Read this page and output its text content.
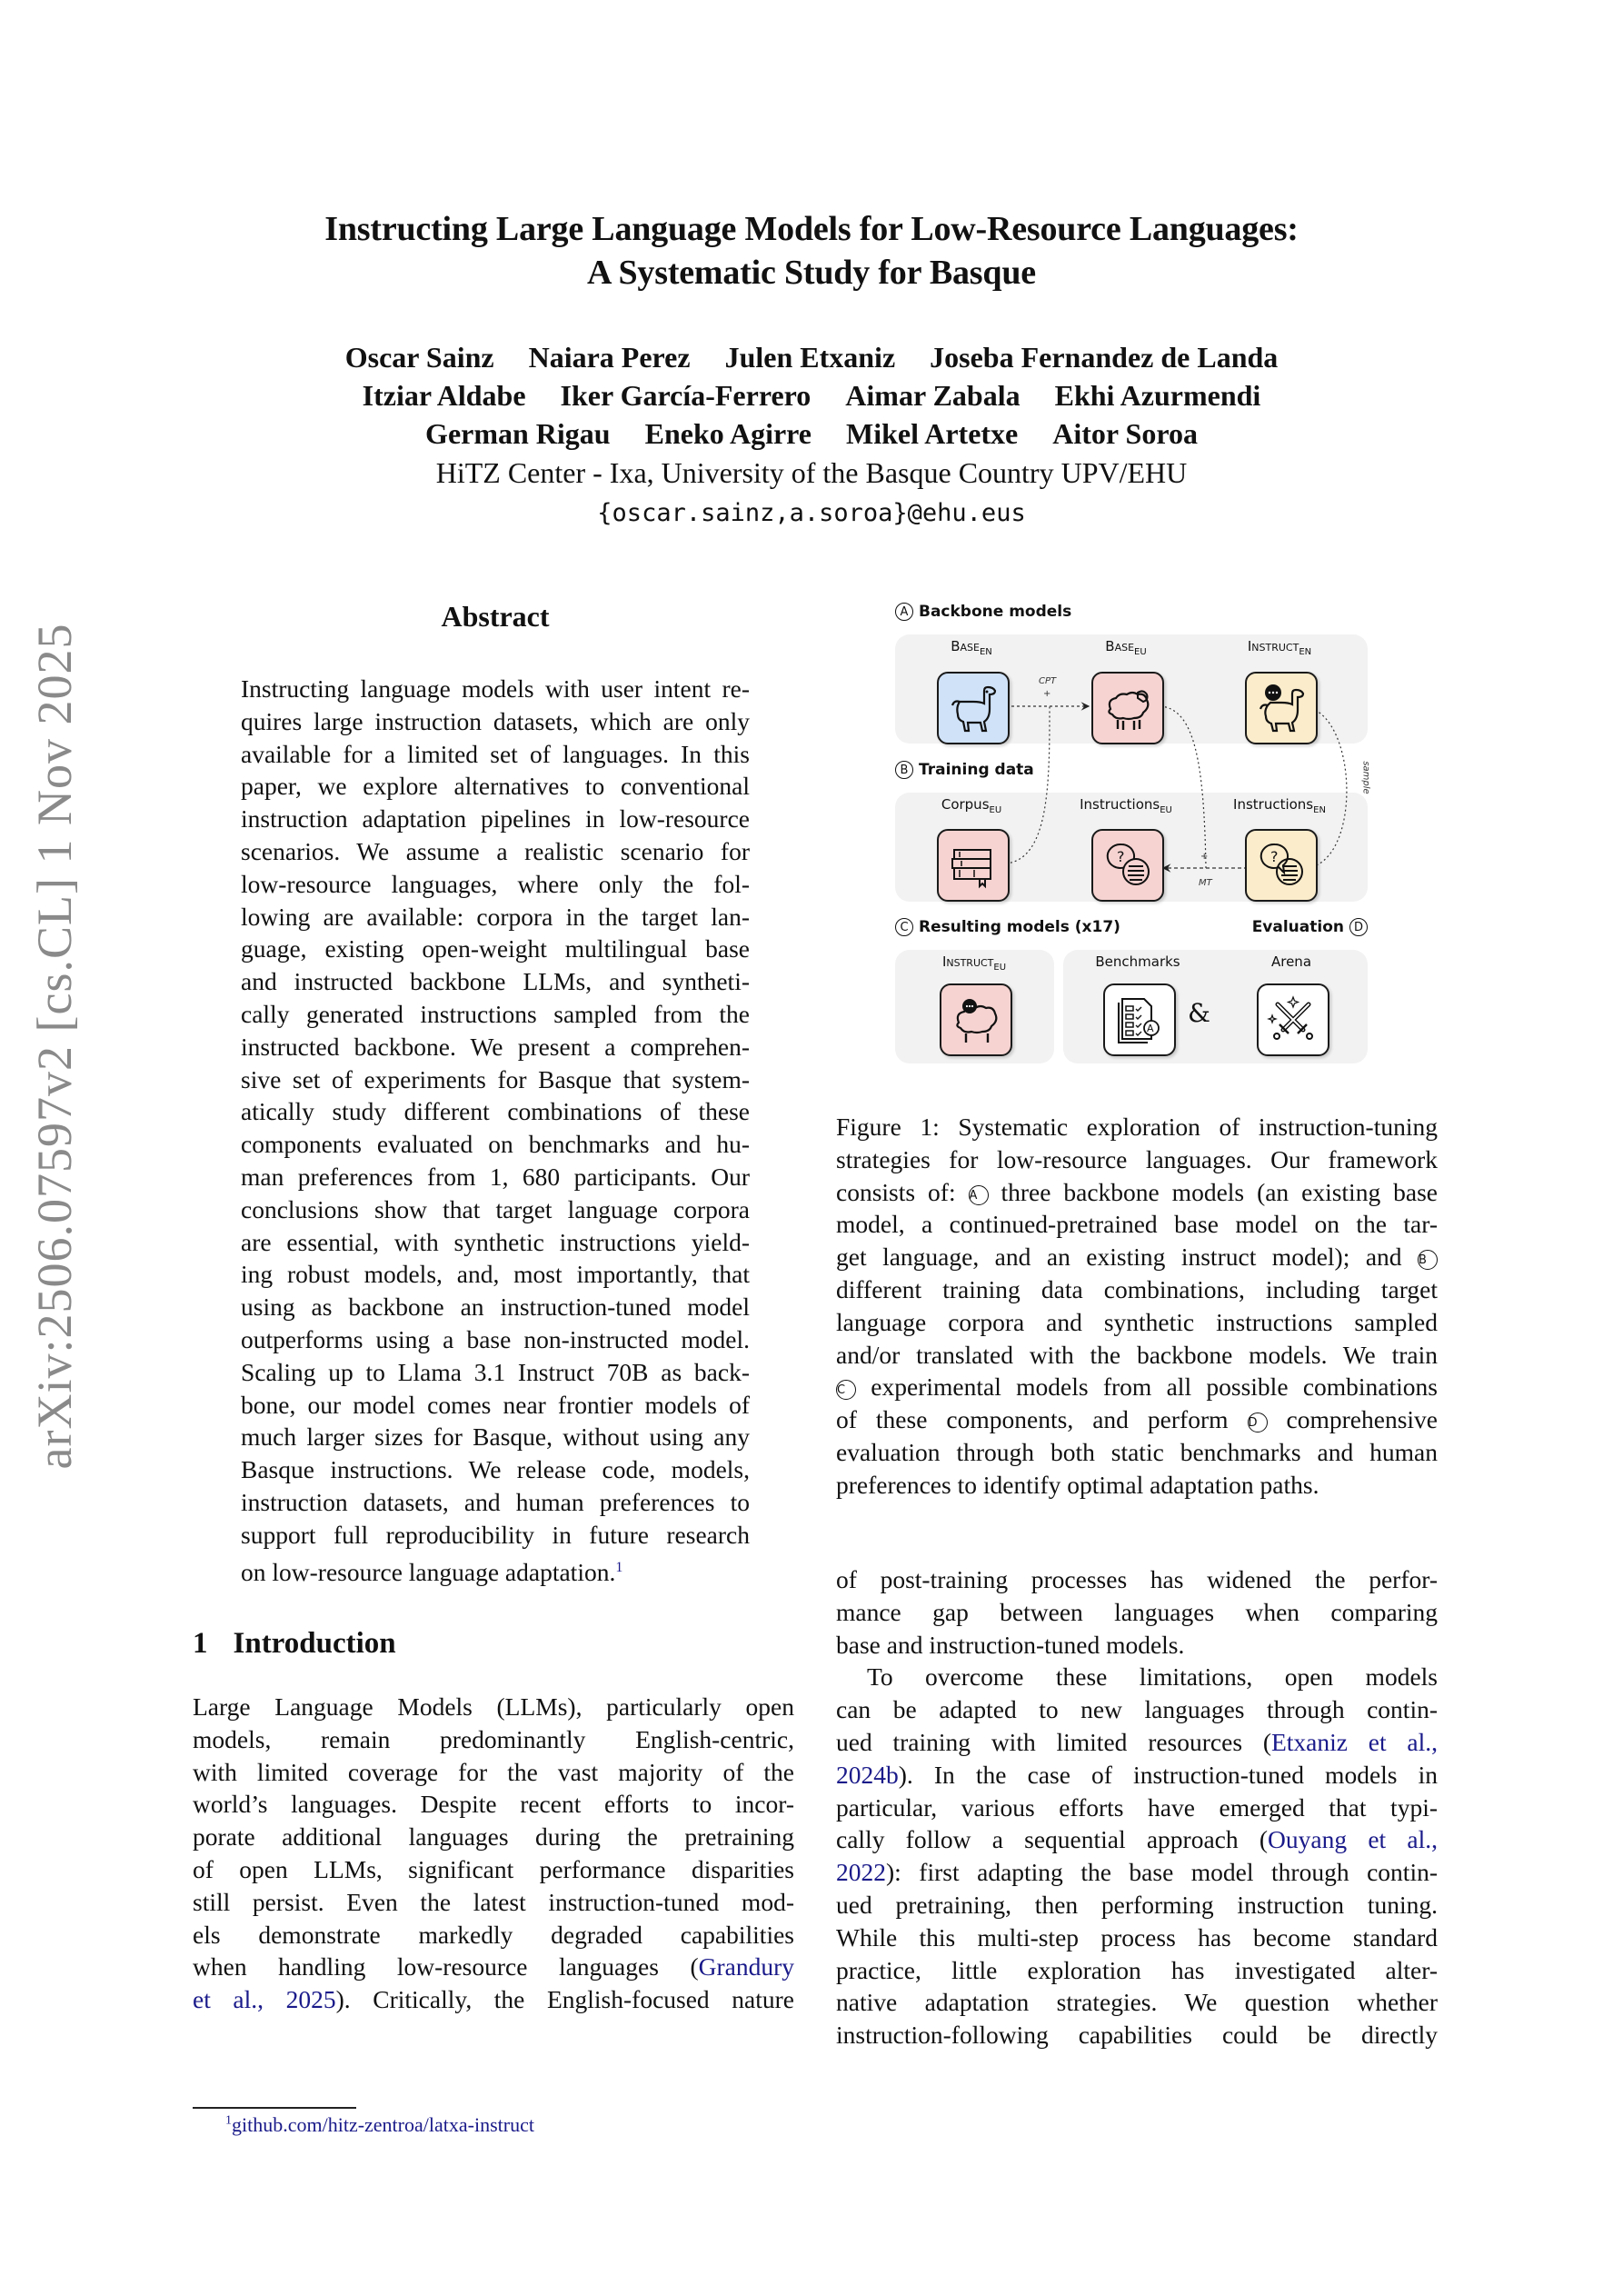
arXiv:2506.07597v2 [cs.CL] 1 Nov 2025
Instructing Large Language Models for Low-Resource Languages:
A Systematic Study for Basque
Oscar Sainz Naiara Perez Julen Etxaniz Joseba Fernandez de Landa
Itziar Aldabe Iker García-Ferrero Aimar Zabala Ekhi Azurmendi
German Rigau Eneko Agirre Mikel Artetxe Aitor Soroa
HiTZ Center - Ixa, University of the Basque Country UPV/EHU
{oscar.sainz,a.soroa}@ehu.eus
Abstract
Instructing language models with user intent re-
quires large instruction datasets, which are only
available for a limited set of languages. In this
paper, we explore alternatives to conventional
instruction adaptation pipelines in low-resource
scenarios. We assume a realistic scenario for
low-resource languages, where only the fol-
lowing are available: corpora in the target lan-
guage, existing open-weight multilingual base
and instructed backbone LLMs, and syntheti-
cally generated instructions sampled from the
instructed backbone. We present a comprehen-
sive set of experiments for Basque that system-
atically study different combinations of these
components evaluated on benchmarks and hu-
man preferences from 1, 680 participants. Our
conclusions show that target language corpora
are essential, with synthetic instructions yield-
ing robust models, and, most importantly, that
using as backbone an instruction-tuned model
outperforms using a base non-instructed model.
Scaling up to Llama 3.1 Instruct 70B as back-
bone, our model comes near frontier models of
much larger sizes for Basque, without using any
Basque instructions. We release code, models,
instruction datasets, and human preferences to
support full reproducibility in future research
on low-resource language adaptation.$^1$
1 Introduction
Large Language Models (LLMs), particularly open
models, remain predominantly English-centric,
with limited coverage for the vast majority of the
world’s languages. Despite recent efforts to incor-
porate additional languages during the pretraining
of open LLMs, significant performance disparities
still persist. Even the latest instruction-tuned mod-
els demonstrate markedly degraded capabilities
when handling low-resource languages (Grandury
et al., 2025). Critically, the English-focused nature
$^1$github.com/hitz-zentroa/latxa-instruct
A Backbone models
B Training data
C Resulting models (x17)	Evaluation D
+
CPT
+
MT
sample
Base$_{EN}$	Base$_{EU}$	Instruct$_{EN}$
Corpus$_{EU}$	Instructions$_{EU}$
?
Instructions$_{EN}$
?
Instruct$_{EU}$	Benchmarks
A
&
Arena
Figure 1: Systematic exploration of instruction-tuning
strategies for low-resource languages. Our framework
consists of: A three backbone models (an existing base
model, a continued-pretrained base model on the tar-
get language, and an existing instruct model); and B
different training data combinations, including target
language corpora and synthetic instructions sampled
and/or translated with the backbone models. We train
C experimental models from all possible combinations
of these components, and perform D comprehensive
evaluation through both static benchmarks and human
preferences to identify optimal adaptation paths.
of post-training processes has widened the perfor-
mance gap between languages when comparing
base and instruction-tuned models.
To overcome these limitations, open models
can be adapted to new languages through contin-
ued training with limited resources (Etxaniz et al.,
2024b). In the case of instruction-tuned models in
particular, various efforts have emerged that typi-
cally follow a sequential approach (Ouyang et al.,
2022): first adapting the base model through contin-
ued pretraining, then performing instruction tuning.
While this multi-step process has become standard
practice, little exploration has investigated alter-
native adaptation strategies. We question whether
instruction-following capabilities could be directly
